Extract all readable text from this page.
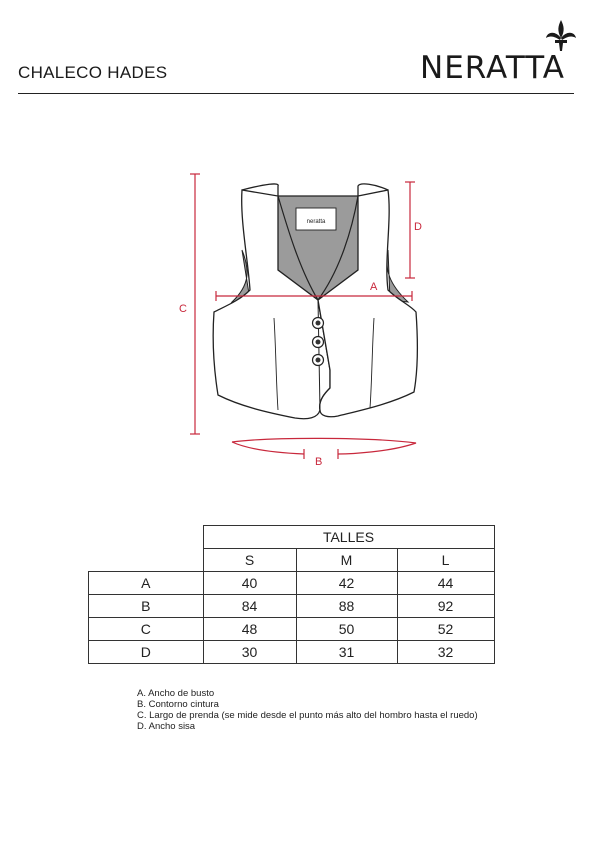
CHALECO HADES	NERATTA
neratta
A
C
D
B
	TALLES		
	S	M	L
A	40	42	44
B	84	88	92
C	48	50	52
D	30	31	32
A. Ancho de busto
B. Contorno cintura
C. Largo de prenda (se mide desde el punto más alto del hombro hasta el ruedo)
D. Ancho sisa
